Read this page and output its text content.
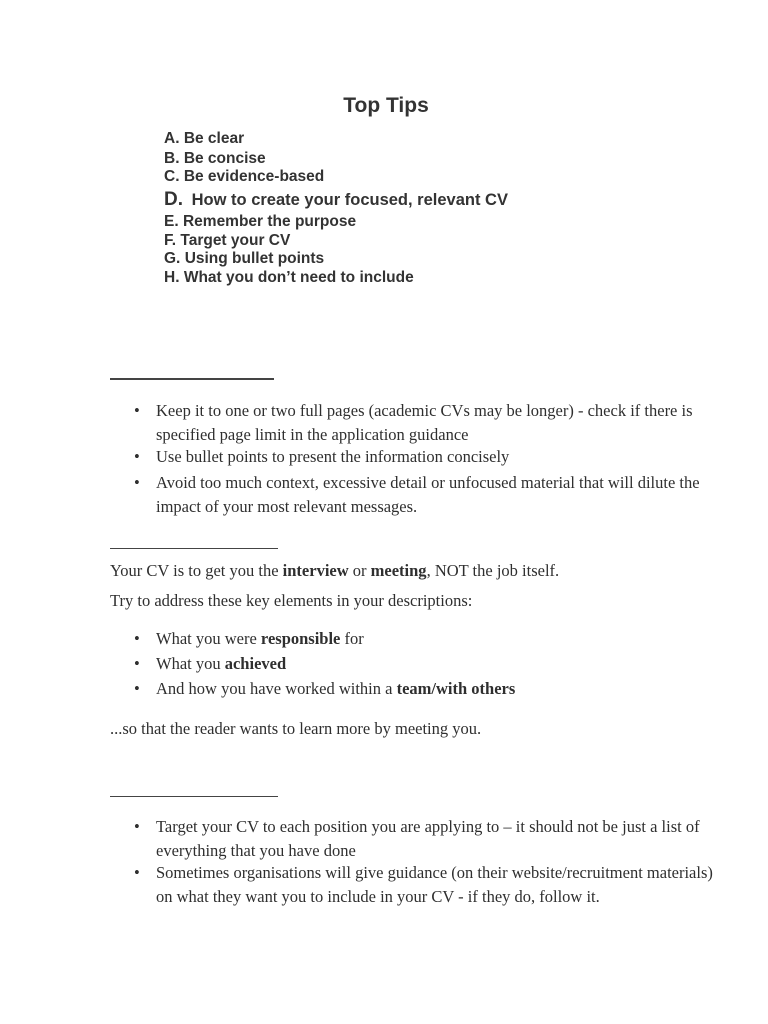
Top Tips
A. Be clear
B. Be concise
C. Be evidence-based
D. How to create your focused, relevant CV
E. Remember the purpose
F. Target your CV
G. Using bullet points
H. What you don’t need to include
• Keep it to one or two full pages (academic CVs may be longer) - check if there is specified page limit in the application guidance
• Use bullet points to present the information concisely
• Avoid too much context, excessive detail or unfocused material that will dilute the impact of your most relevant messages.
Your CV is to get you the interview or meeting, NOT the job itself.
Try to address these key elements in your descriptions:
• What you were responsible for
• What you achieved
• And how you have worked within a team/with others
...so that the reader wants to learn more by meeting you.
• Target your CV to each position you are applying to – it should not be just a list of everything that you have done
• Sometimes organisations will give guidance (on their website/recruitment materials) on what they want you to include in your CV - if they do, follow it.
